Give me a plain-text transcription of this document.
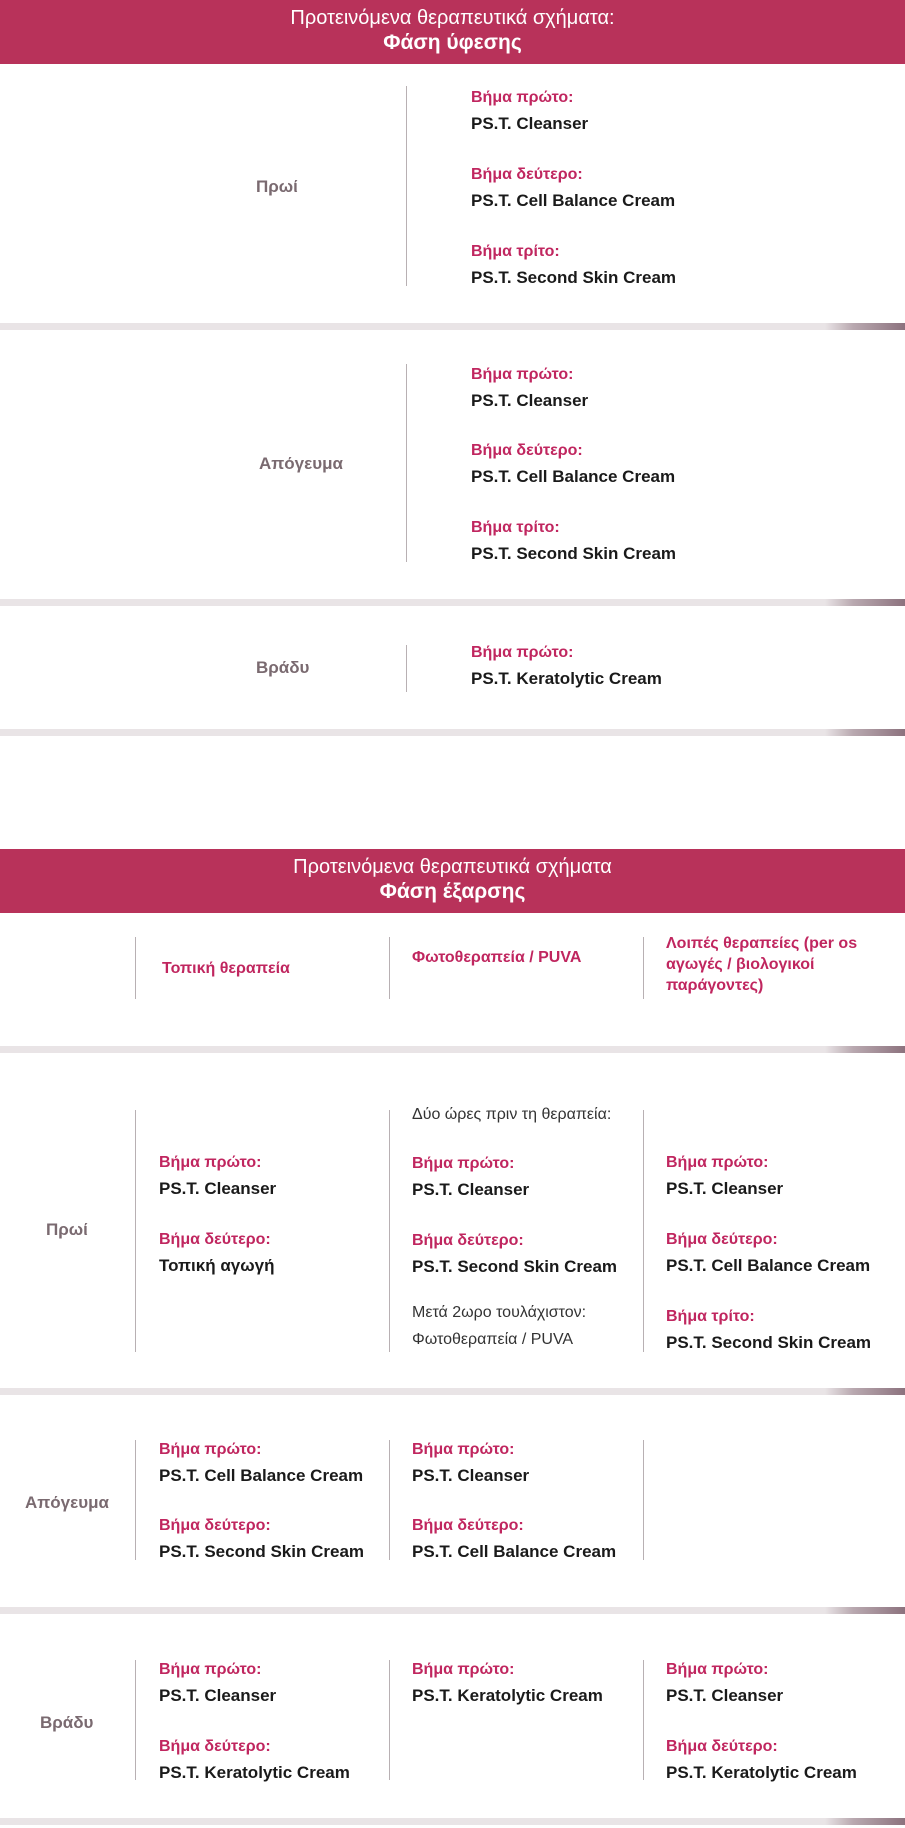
Προτεινόμενα θεραπευτικά σχήματα:
Φάση ύφεσης
Πρωί
Βήμα πρώτο:
PS.T. Cleanser
Βήμα δεύτερο:
PS.T. Cell Balance Cream
Βήμα τρίτο:
PS.T. Second Skin Cream
Απόγευμα
Βήμα πρώτο:
PS.T. Cleanser
Βήμα δεύτερο:
PS.T. Cell Balance Cream
Βήμα τρίτο:
PS.T. Second Skin Cream
Βράδυ
Βήμα πρώτο:
PS.T. Keratolytic Cream
Προτεινόμενα θεραπευτικά σχήματα
Φάση έξαρσης
Τοπική θεραπεία
Φωτοθεραπεία / PUVA
Λοιπές θεραπείες (per os αγωγές / βιολογικοί παράγοντες)
Πρωί
Βήμα πρώτο:
PS.T. Cleanser
Βήμα δεύτερο:
Τοπική αγωγή
Δύο ώρες πριν τη θεραπεία:
Βήμα πρώτο:
PS.T. Cleanser
Βήμα δεύτερο:
PS.T. Second Skin Cream
Μετά 2ωρο τουλάχιστον:
Φωτοθεραπεία / PUVA
Βήμα πρώτο:
PS.T. Cleanser
Βήμα δεύτερο:
PS.T. Cell Balance Cream
Βήμα τρίτο:
PS.T. Second Skin Cream
Απόγευμα
Βήμα πρώτο:
PS.T. Cell Balance Cream
Βήμα δεύτερο:
PS.T. Second Skin Cream
Βήμα πρώτο:
PS.T. Cleanser
Βήμα δεύτερο:
PS.T. Cell Balance Cream
Βράδυ
Βήμα πρώτο:
PS.T. Cleanser
Βήμα δεύτερο:
PS.T. Keratolytic Cream
Βήμα πρώτο:
PS.T. Keratolytic Cream
Βήμα πρώτο:
PS.T. Cleanser
Βήμα δεύτερο:
PS.T. Keratolytic Cream
